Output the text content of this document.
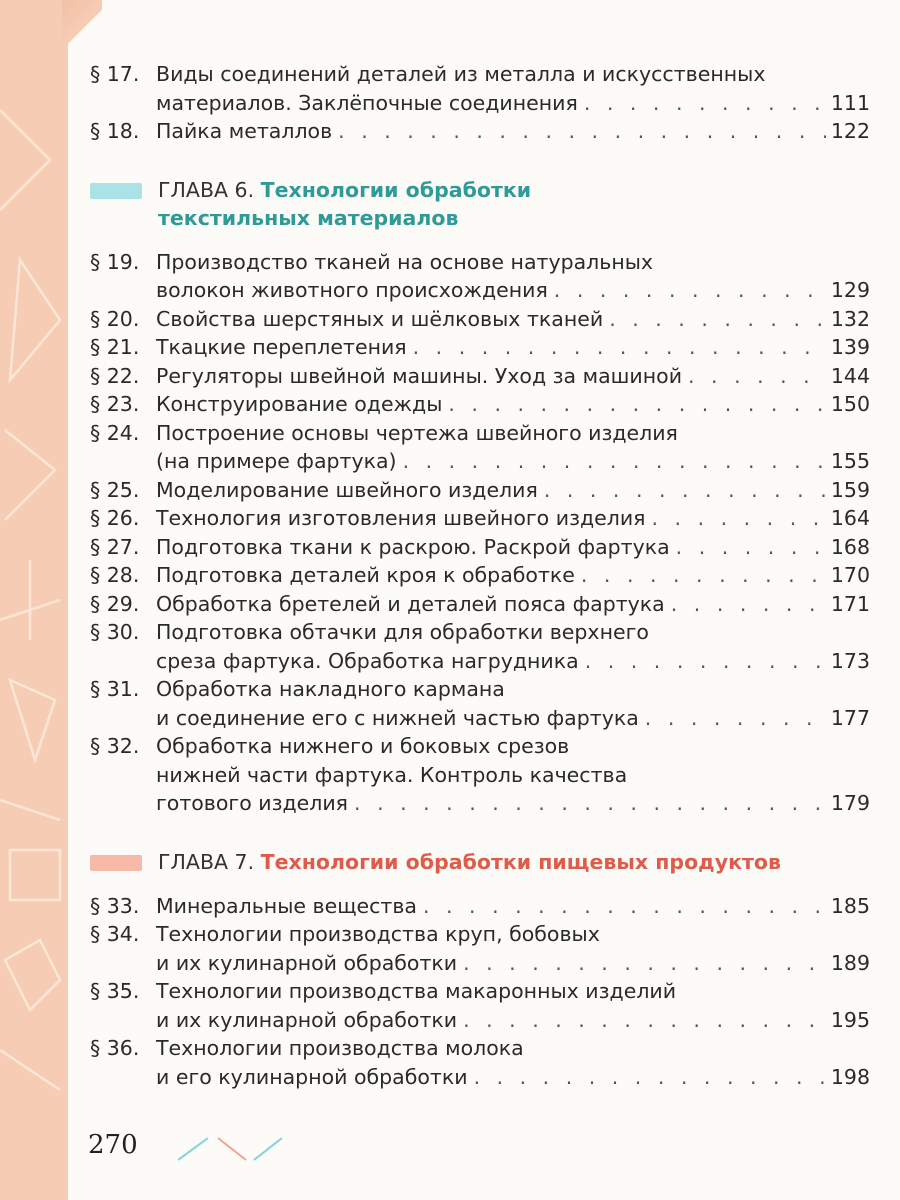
§ 17. Виды соединений деталей из металла и искусственных
материалов. Заклёпочные соединения . . .	111
§ 18. Пайка металлов . . .	122
ГЛАВА 6. Технологии обработки
текстильных материалов
§ 19. Производство тканей на основе натуральных
волокон животного происхождения . . .	129
§ 20. Свойства шерстяных и шёлковых тканей . . .	132
§ 21. Ткацкие переплетения . . .	139
§ 22. Регуляторы швейной машины. Уход за машиной . . .	144
§ 23. Конструирование одежды . . .	150
§ 24. Построение основы чертежа швейного изделия
(на примере фартука) . . .	155
§ 25. Моделирование швейного изделия . . .	159
§ 26. Технология изготовления швейного изделия . . .	164
§ 27. Подготовка ткани к раскрою. Раскрой фартука . . .	168
§ 28. Подготовка деталей кроя к обработке . . .	170
§ 29. Обработка бретелей и деталей пояса фартука . . .	171
§ 30. Подготовка обтачки для обработки верхнего
среза фартука. Обработка нагрудника . . .	173
§ 31. Обработка накладного кармана
и соединение его с нижней частью фартука . . .	177
§ 32. Обработка нижнего и боковых срезов
нижней части фартука. Контроль качества
готового изделия . . .	179
ГЛАВА 7. Технологии обработки пищевых продуктов
§ 33. Минеральные вещества . . .	185
§ 34. Технологии производства круп, бобовых
и их кулинарной обработки . . .	189
§ 35. Технологии производства макаронных изделий
и их кулинарной обработки . . .	195
§ 36. Технологии производства молока
и его кулинарной обработки . . .	198
270
